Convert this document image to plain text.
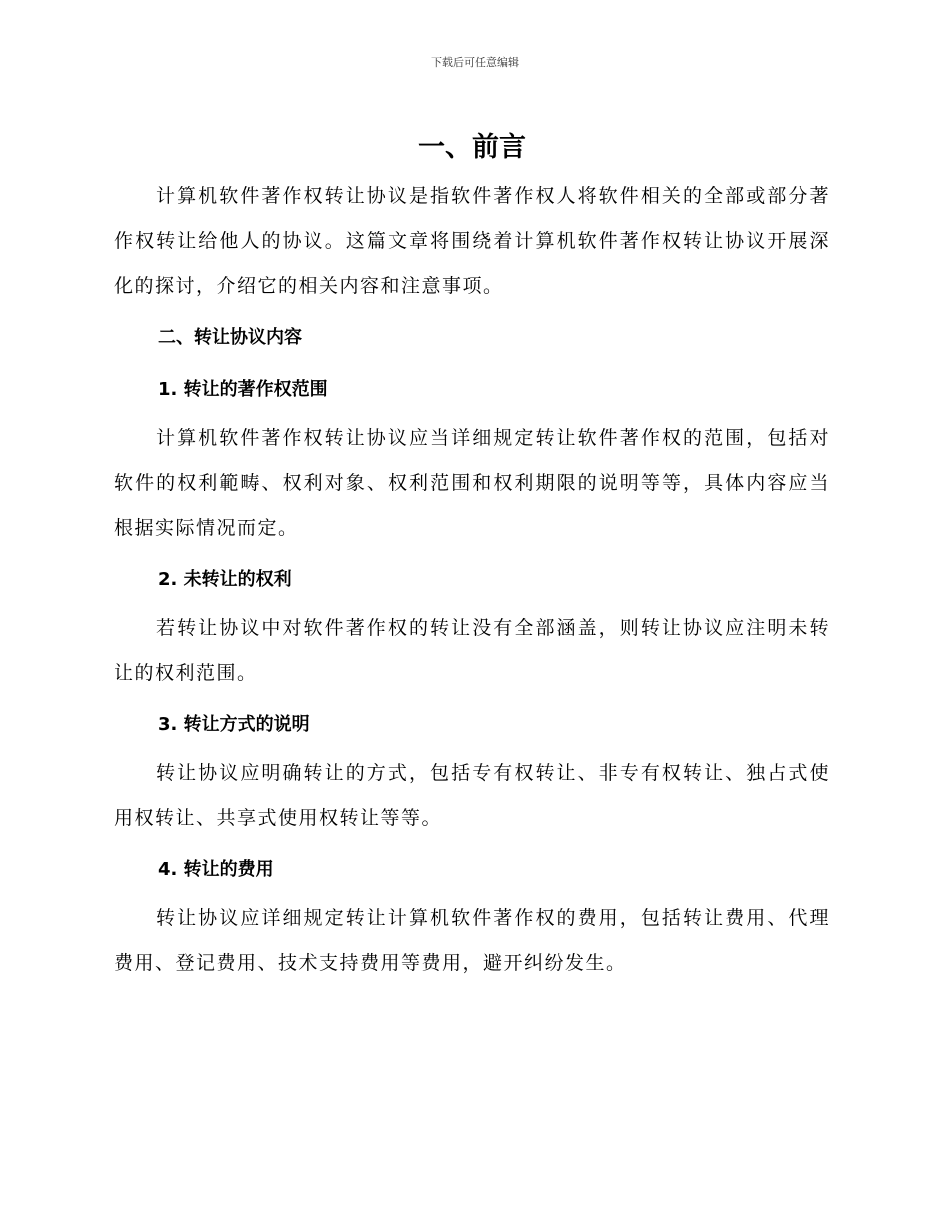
下载后可任意编辑
一、前言

计算机软件著作权转让协议是指软件著作权人将软件相关的全部或部分著作权转让给他人的协议。这篇文章将围绕着计算机软件著作权转让协议开展深化的探讨，介绍它的相关内容和注意事项。

二、转让协议内容
1. 转让的著作权范围

计算机软件著作权转让协议应当详细规定转让软件著作权的范围，包括对软件的权利範畴、权利对象、权利范围和权利期限的说明等等，具体内容应当根据实际情况而定。

2. 未转让的权利

若转让协议中对软件著作权的转让没有全部涵盖，则转让协议应注明未转让的权利范围。

3. 转让方式的说明

转让协议应明确转让的方式，包括专有权转让、非专有权转让、独占式使用权转让、共享式使用权转让等等。

4. 转让的费用

转让协议应详细规定转让计算机软件著作权的费用，包括转让费用、代理费用、登记费用、技术支持费用等费用，避开纠纷发生。
